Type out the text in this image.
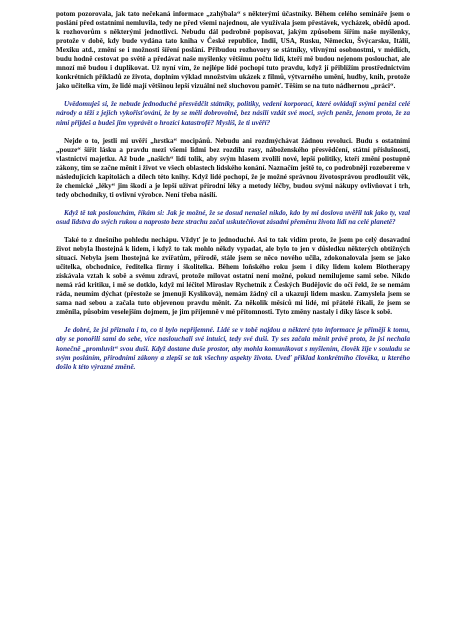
potom pozorovala, jak tato nečekaná informace „zahýbala“ s některými účastníky. Během celého semináře jsem o poslání před ostatními nemluvila, tedy ne před všemi najednou, ale využívala jsem přestávek, vycházek, obědů apod. k rozhovorům s některými jednotlivci. Nebudu dál podrobně popisovat, jakým způsobem šířím naše myšlenky, protože v době, kdy bude vydána tato kniha v České republice, Indii, USA, Rusku, Německu, Švýcarsku, Itálii, Mexiku atd., změní se i možnosti šíření poslání. Přibudou rozhovory se státníky, vlivnými osobnostmi, v médiích, budu hodně cestovat po světě a předávat naše myšlenky většímu počtu lidí, kteří mě budou nejenom poslouchat, ale mnozí mě budou i duplikovat. Už nyní vím, že nejlépe lidé pochopí tuto pravdu, když jí přiblížím prostřednictvím konkrétních příkladů ze života, doplním výklad množstvím ukázek z filmů, výtvarného umění, hudby, knih, protože jako učitelka vím, že lidé mají většinou lepší vizuální než sluchovou paměť. Těším se na tuto nádhernou „práci“.

Uvědomuješ si, že nebude jednoduché přesvědčit státníky, politiky, vedení korporací, které ovládají svými penězi celé národy a těží z jejich vykořisťování, že by se měli dobrovolně, bez násilí vzdát své moci, svých peněz, jenom proto, že za nimi přijdeš a budeš jim vyprávět o hrozící katastrofě? Myslíš, že ti uvěří?

Nejde o to, jestli mi uvěří „hrstka“ mocipánů. Nebudu ani rozdmýchávat žádnou revoluci. Budu s ostatními „pouze“ šířit lásku a pravdu mezi všemi lidmi bez rozdílu rasy, náboženského přesvědčení, státní příslušnosti, vlastnictví majetku. Až bude „našich“ lidí tolik, aby svým hlasem zvolili nové, lepší politiky, kteří změní postupně zákony, tím se začne měnit i život ve všech oblastech lidského konání. Naznačím ještě to, co podrobněji rozebereme v následujících kapitolách a dílech této knihy. Když lidé pochopí, že je možné správnou životosprávou prodloužit věk, že chemické „léky“ jim škodí a je lepší užívat přírodní léky a metody léčby, budou svými nákupy ovlivňovat i trh, tedy obchodníky, ti ovlivní výrobce. Není třeba násilí.

Když tě tak poslouchám, říkám si: Jak je možné, že se dosud nenašel nikdo, kdo by mi doslova uvěřil tak jako ty, vzal osud lidstva do svých rukou a naprosto beze strachu začal uskutečňovat zásadní přeměnu života lidí na celé planetě?

Také to z dnešního pohledu nechápu. Vždyť je to jednoduché. Asi to tak vidím proto, že jsem po celý dosavadní život nebyla lhostejná k lidem, i když to tak mohlo někdy vypadat, ale bylo to jen v důsledku některých obtížných situací. Nebyla jsem lhostejná ke zvířatům, přírodě, stále jsem se něco nového učila, zdokonalovala jsem se jako učitelka, obchodnice, ředitelka firmy i školitelka. Během loňského roku jsem i díky lidem kolem Biotherapy získávala vztah k sobě a svému zdraví, protože milovat ostatní není možné, pokud nemilujeme sami sebe. Nikdo nemá rád kritiku, i mě se dotklo, když mi léčitel Miroslav Rychetník z Českých Budějovic do očí řekl, že se nemám ráda, neumím dýchat (přestože se jmenuji Kyslíková), nemám žádný cíl a ukazuji lidem masku. Zamyslela jsem se sama nad sebou a začala tuto objevenou pravdu měnit. Za několik měsíců mi lidé, mi přátelé říkali, že jsem se změnila, působím veselejším dojmem, je jim příjemně v mé přítomnosti. Tyto změny nastaly i díky lásce k sobě.

Je dobré, že jsi přiznala i to, co ti bylo nepříjemné. Lidé se v tobě najdou a některé tyto informace je přimějí k tomu, aby se ponořili sami do sebe, více naslouchali své intuici, tedy své duši. Ty ses začala měnit právě proto, že jsi nechala konečně „promluvit“ svou duši. Když dostane duše prostor, aby mohla komunikovat s myšlením, člověk žije v souladu se svým posláním, přírodními zákony a zlepší se tak všechny aspekty života. Uveď příklad konkrétního člověka, u kterého došlo k této výrazné změně.
